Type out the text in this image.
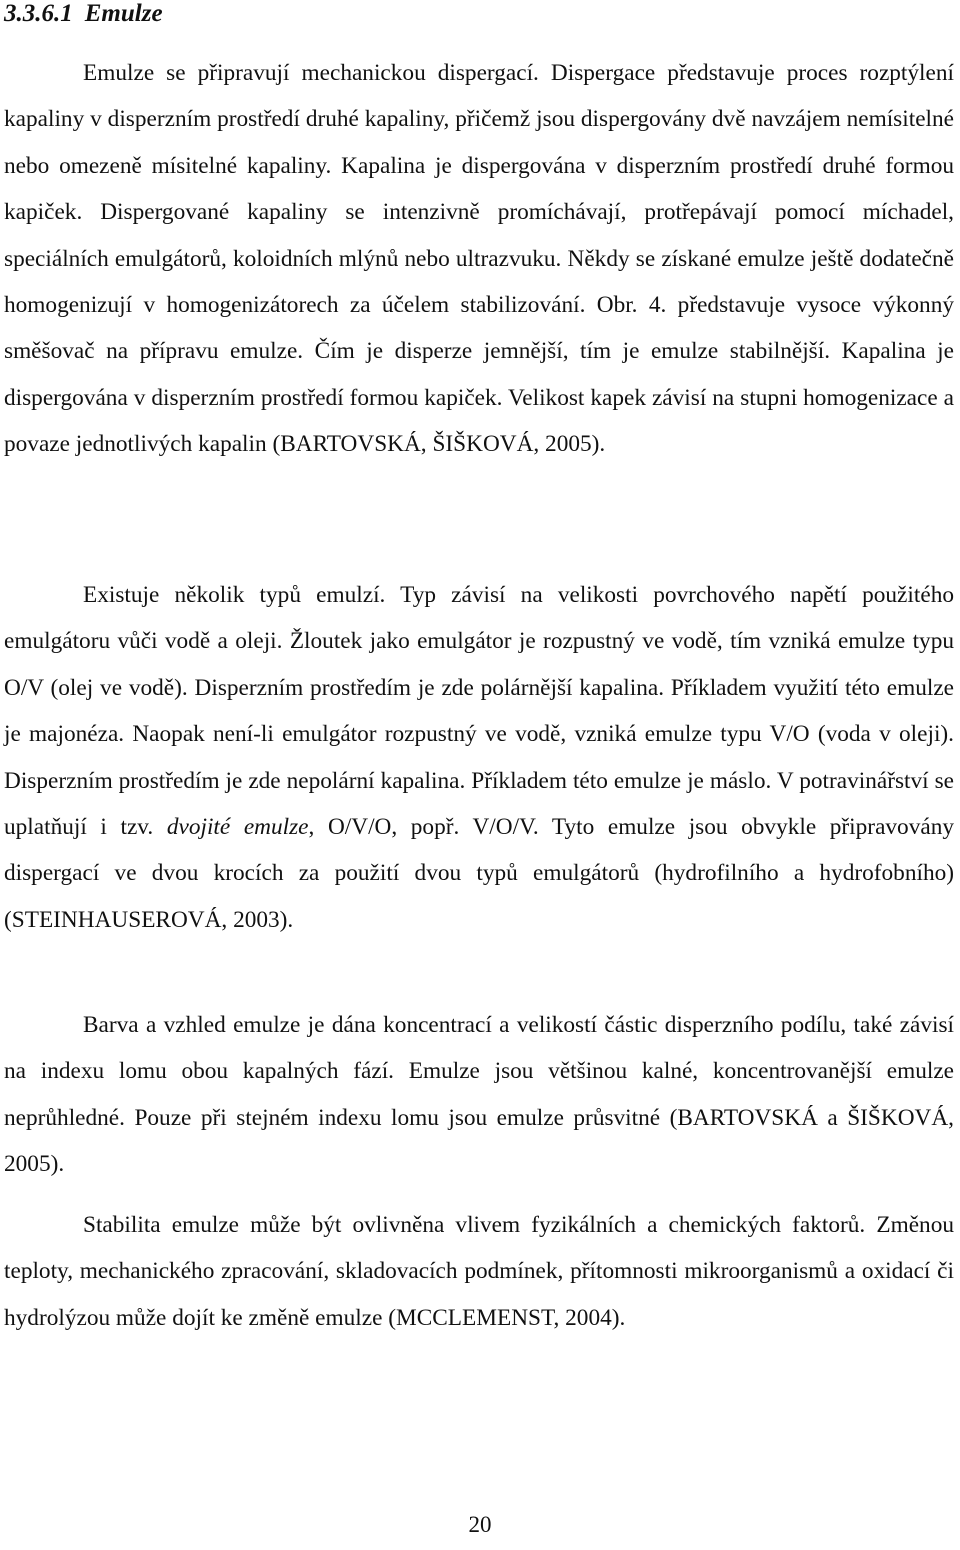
3.3.6.1 Emulze

Emulze se připravují mechanickou dispergací. Dispergace představuje proces rozptýlení kapaliny v disperzním prostředí druhé kapaliny, přičemž jsou dispergovány dvě navzájem nemísitelné nebo omezeně mísitelné kapaliny. Kapalina je dispergována v disperzním prostředí druhé formou kapiček. Dispergované kapaliny se intenzivně promíchávají, protřepávají pomocí míchadel, speciálních emulgátorů, koloidních mlýnů nebo ultrazvuku. Někdy se získané emulze ještě dodatečně homogenizují v homogenizátorech za účelem stabilizování. Obr. 4. představuje vysoce výkonný směšovač na přípravu emulze. Čím je disperze jemnější, tím je emulze stabilnější. Kapalina je dispergována v disperzním prostředí formou kapiček. Velikost kapek závisí na stupni homogenizace a povaze jednotlivých kapalin (BARTOVSKÁ, ŠIŠKOVÁ, 2005).

Existuje několik typů emulzí. Typ závisí na velikosti povrchového napětí použitého emulgátoru vůči vodě a oleji. Žloutek jako emulgátor je rozpustný ve vodě, tím vzniká emulze typu O/V (olej ve vodě). Disperzním prostředím je zde polárnější kapalina. Příkladem využití této emulze je majonéza. Naopak není-li emulgátor rozpustný ve vodě, vzniká emulze typu V/O (voda v oleji). Disperzním prostředím je zde nepolární kapalina. Příkladem této emulze je máslo. V potravinářství se uplatňují i tzv. dvojité emulze, O/V/O, popř. V/O/V. Tyto emulze jsou obvykle připravovány dispergací ve dvou krocích za použití dvou typů emulgátorů (hydrofilního a hydrofobního) (STEINHAUSEROVÁ, 2003).

Barva a vzhled emulze je dána koncentrací a velikostí částic disperzního podílu, také závisí na indexu lomu obou kapalných fází. Emulze jsou většinou kalné, koncentrovanější emulze neprůhledné. Pouze při stejném indexu lomu jsou emulze průsvitné (BARTOVSKÁ a ŠIŠKOVÁ, 2005).

Stabilita emulze může být ovlivněna vlivem fyzikálních a chemických faktorů. Změnou teploty, mechanického zpracování, skladovacích podmínek, přítomnosti mikroorganismů a oxidací či hydrolýzou může dojít ke změně emulze (MCCLEMENST, 2004).

20
